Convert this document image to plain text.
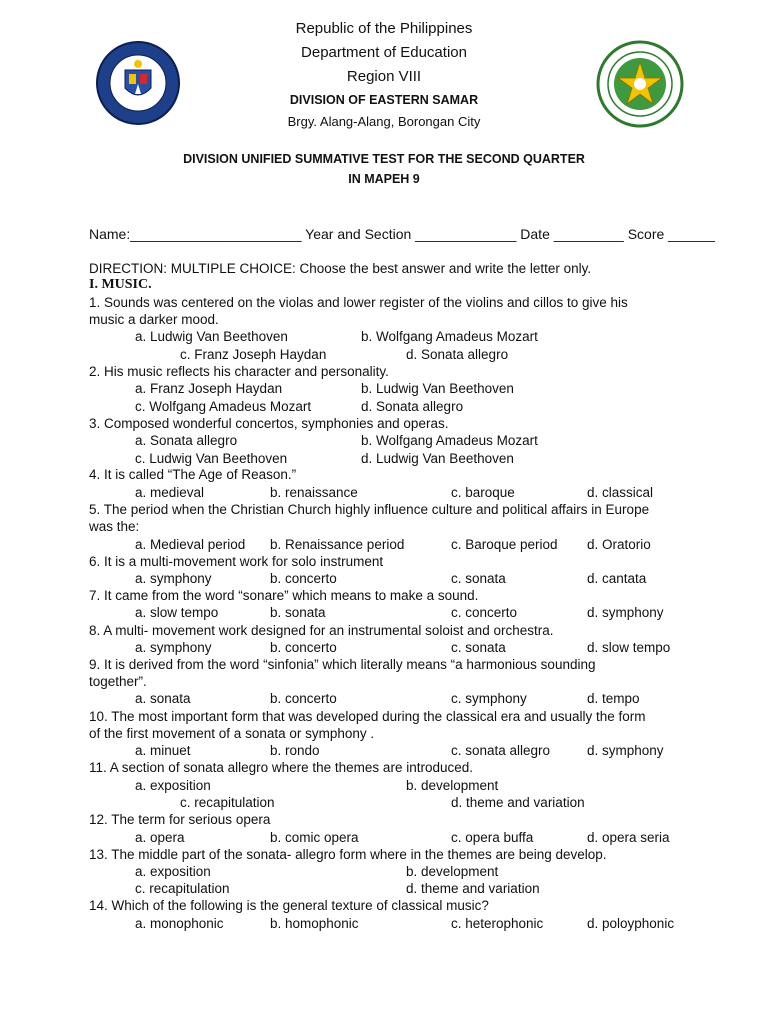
Republic of the Philippines
Department of Education
Region VIII
DIVISION OF EASTERN SAMAR
Brgy. Alang-Alang, Borongan City
DIVISION UNIFIED SUMMATIVE TEST FOR THE SECOND QUARTER
IN MAPEH 9
Name:______________________ Year and Section _____________ Date _________ Score ______
DIRECTION: MULTIPLE CHOICE: Choose the best answer and write the letter only.
I. MUSIC.
1. Sounds was centered on the violas and lower register of the violins and cillos to give his
music a darker mood.
a. Ludwig Van Beethoven	b. Wolfgang Amadeus Mozart
c. Franz Joseph Haydan	d. Sonata allegro
2. His music reflects his character and personality.
a. Franz Joseph Haydan	b. Ludwig Van Beethoven
c. Wolfgang Amadeus Mozart	d. Sonata allegro
3. Composed wonderful concertos, symphonies and operas.
a. Sonata allegro	b. Wolfgang Amadeus Mozart
c. Ludwig Van Beethoven	d. Ludwig Van Beethoven
4. It is called “The Age of Reason.”
a. medieval	b. renaissance	c. baroque	d. classical
5. The period when the Christian Church highly influence culture and political affairs in Europe
was the:
a. Medieval period b. Renaissance period	c. Baroque period d. Oratorio
6. It is a multi-movement work for solo instrument
a. symphony	b. concerto	c. sonata	d. cantata
7. It came from the word “sonare” which means to make a sound.
a. slow tempo	b. sonata	c. concerto	d. symphony
8. A multi- movement work designed for an instrumental soloist and orchestra.
a. symphony	b. concerto	c. sonata	d. slow tempo
9. It is derived from the word “sinfonia” which literally means “a harmonious sounding
together”.
a. sonata	b. concerto	c. symphony	d. tempo
10. The most important form that was developed during the classical era and usually the form
of the first movement of a sonata or symphony .
a. minuet	b. rondo	c. sonata allegro	d. symphony
11. A section of sonata allegro where the themes are introduced.
a. exposition	b. development
c. recapitulation	d. theme and variation
12. The term for serious opera
a. opera	b. comic opera	c. opera buffa	d. opera seria
13. The middle part of the sonata- allegro form where in the themes are being develop.
a. exposition	b. development
c. recapitulation	d. theme and variation
14. Which of the following is the general texture of classical music?
a. monophonic	b. homophonic	c. heterophonic	d. poloyphonic
